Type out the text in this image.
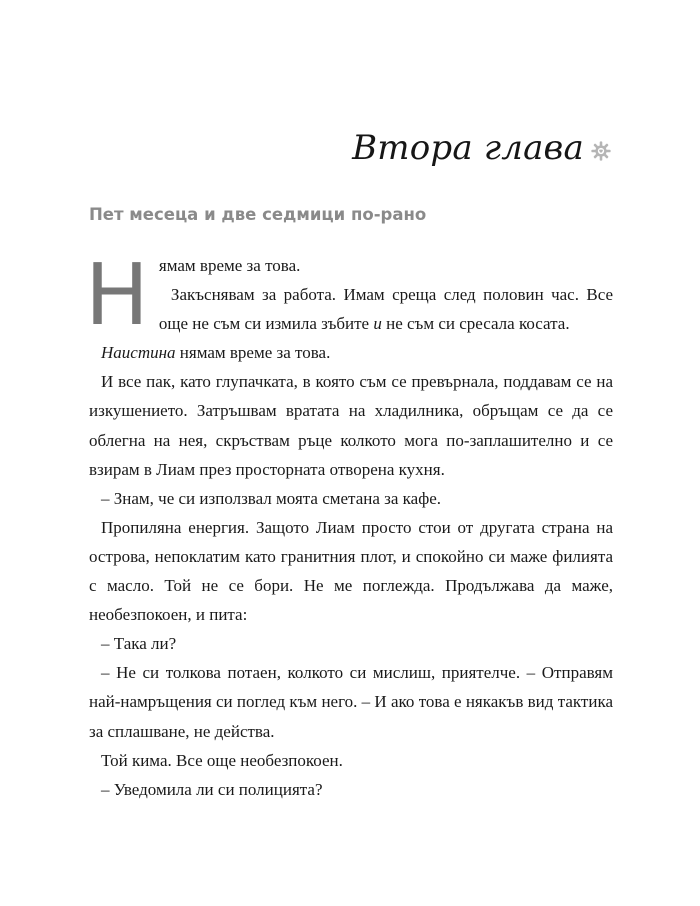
Втора глава
Пет месеца и две седмици по-рано

Нямам време за това.

Закъснявам за работа. Имам среща след половин час. Все още не съм си измила зъбите и не съм си сресала косата.

Наистина нямам време за това.

И все пак, като глупачката, в която съм се превърнала, поддавам се на изкушението. Затръшвам вратата на хладилника, обръщам се да се облегна на нея, скръствам ръце колкото мога по-заплашително и се взирам в Лиам през просторната отворена кухня.

– Знам, че си използвал моята сметана за кафе.

Пропиляна енергия. Защото Лиам просто стои от другата страна на острова, непоклатим като гранитния плот, и спокойно си маже филията с масло. Той не се бори. Не ме поглежда. Продължава да маже, необезпокоен, и пита:

– Така ли?

– Не си толкова потаен, колкото си мислиш, приятелче. – Отправям най-намръщения си поглед към него. – И ако това е някакъв вид тактика за сплашване, не действа.

Той кима. Все още необезпокоен.

– Уведомила ли си полицията?
